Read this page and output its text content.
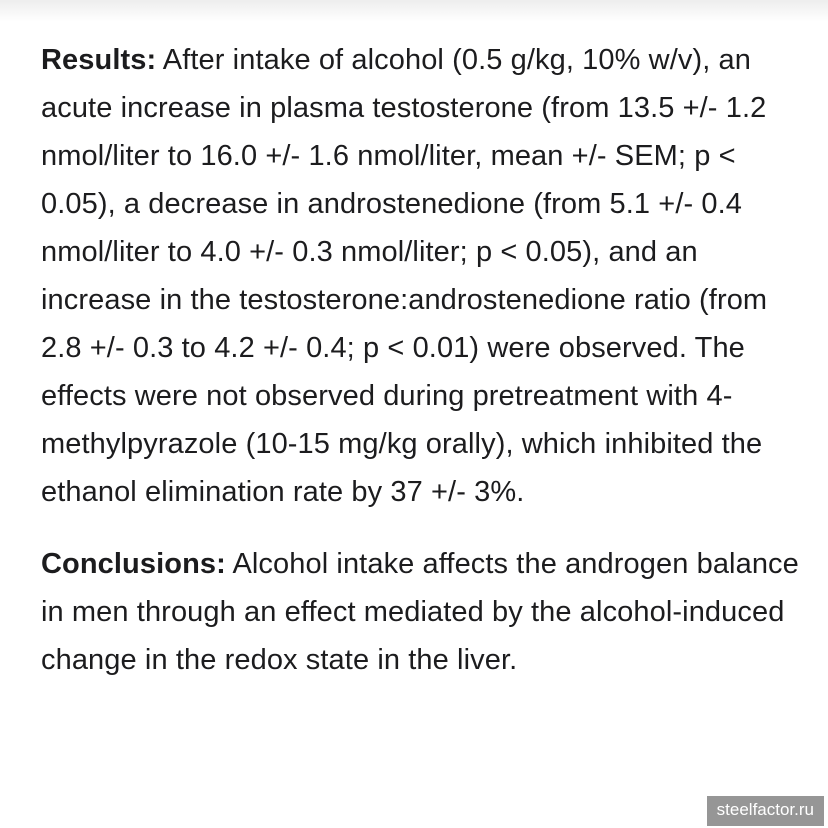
Results: After intake of alcohol (0.5 g/kg, 10% w/v), an acute increase in plasma testosterone (from 13.5 +/- 1.2 nmol/liter to 16.0 +/- 1.6 nmol/liter, mean +/- SEM; p < 0.05), a decrease in androstenedione (from 5.1 +/- 0.4 nmol/liter to 4.0 +/- 0.3 nmol/liter; p < 0.05), and an increase in the testosterone:androstenedione ratio (from 2.8 +/- 0.3 to 4.2 +/- 0.4; p < 0.01) were observed. The effects were not observed during pretreatment with 4-methylpyrazole (10-15 mg/kg orally), which inhibited the ethanol elimination rate by 37 +/- 3%.

Conclusions: Alcohol intake affects the androgen balance in men through an effect mediated by the alcohol-induced change in the redox state in the liver.

steelfactor.ru
